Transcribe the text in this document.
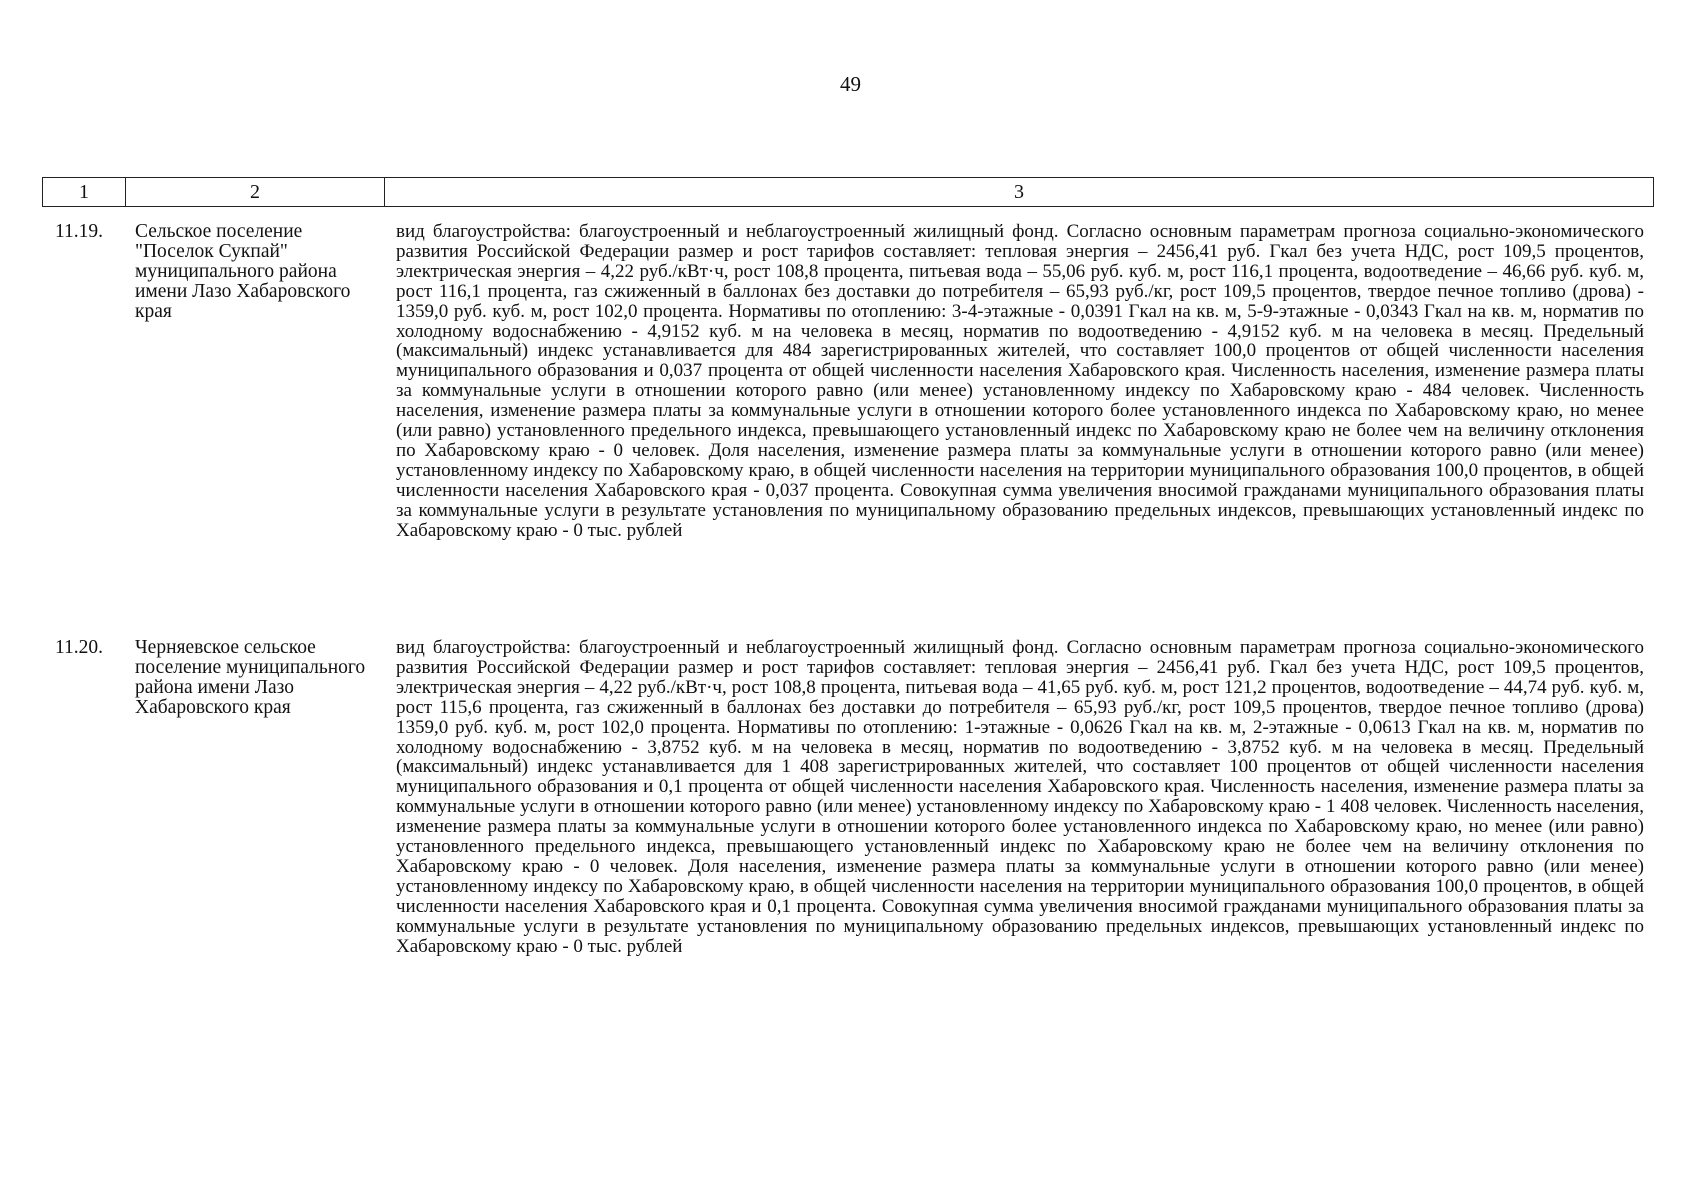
49
1	2	3
11.19. Сельское поселение "Поселок Сукпай" муниципального района имени Лазо Хабаровского края
вид благоустройства: благоустроенный и неблагоустроенный жилищный фонд. Согласно основным параметрам прогноза социально-экономического развития Российской Федерации размер и рост тарифов составляет: тепловая энергия – 2456,41 руб. Гкал без учета НДС, рост 109,5 процентов, электрическая энергия – 4,22 руб./кВт·ч, рост 108,8 процента, питьевая вода – 55,06 руб. куб. м, рост 116,1 процента, водоотведение – 46,66 руб. куб. м, рост 116,1 процента, газ сжиженный в баллонах без доставки до потребителя – 65,93 руб./кг, рост 109,5 процентов, твердое печное топливо (дрова) - 1359,0 руб. куб. м, рост 102,0 процента. Нормативы по отоплению: 3-4-этажные - 0,0391 Гкал на кв. м, 5-9-этажные - 0,0343 Гкал на кв. м, норматив по холодному водоснабжению - 4,9152 куб. м на человека в месяц, норматив по водоотведению - 4,9152 куб. м на человека в месяц. Предельный (максимальный) индекс устанавливается для 484 зарегистрированных жителей, что составляет 100,0 процентов от общей численности населения муниципального образования и 0,037 процента от общей численности населения Хабаровского края. Численность населения, изменение размера платы за коммунальные услуги в отношении которого равно (или менее) установленному индексу по Хабаровскому краю - 484 человек. Численность населения, изменение размера платы за коммунальные услуги в отношении которого более установленного индекса по Хабаровскому краю, но менее (или равно) установленного предельного индекса, превышающего установленный индекс по Хабаровскому краю не более чем на величину отклонения по Хабаровскому краю - 0 человек. Доля населения, изменение размера платы за коммунальные услуги в отношении которого равно (или менее) установленному индексу по Хабаровскому краю, в общей численности населения на территории муниципального образования 100,0 процентов, в общей численности населения Хабаровского края - 0,037 процента. Совокупная сумма увеличения вносимой гражданами муниципального образования платы за коммунальные услуги в результате установления по муниципальному образованию предельных индексов, превышающих установленный индекс по Хабаровскому краю - 0 тыс. рублей
11.20. Черняевское сельское поселение муниципального района имени Лазо Хабаровского края
вид благоустройства: благоустроенный и неблагоустроенный жилищный фонд. Согласно основным параметрам прогноза социально-экономического развития Российской Федерации размер и рост тарифов составляет: тепловая энергия – 2456,41 руб. Гкал без учета НДС, рост 109,5 процентов, электрическая энергия – 4,22 руб./кВт·ч, рост 108,8 процента, питьевая вода – 41,65 руб. куб. м, рост 121,2 процентов, водоотведение – 44,74 руб. куб. м, рост 115,6 процента, газ сжиженный в баллонах без доставки до потребителя – 65,93 руб./кг, рост 109,5 процентов, твердое печное топливо (дрова) 1359,0 руб. куб. м, рост 102,0 процента. Нормативы по отоплению: 1-этажные - 0,0626 Гкал на кв. м, 2-этажные - 0,0613 Гкал на кв. м, норматив по холодному водоснабжению - 3,8752 куб. м на человека в месяц, норматив по водоотведению - 3,8752 куб. м на человека в месяц. Предельный (максимальный) индекс устанавливается для 1 408 зарегистрированных жителей, что составляет 100 процентов от общей численности населения муниципального образования и 0,1 процента от общей численности населения Хабаровского края. Численность населения, изменение размера платы за коммунальные услуги в отношении которого равно (или менее) установленному индексу по Хабаровскому краю - 1 408 человек. Численность населения, изменение размера платы за коммунальные услуги в отношении которого более установленного индекса по Хабаровскому краю, но менее (или равно) установленного предельного индекса, превышающего установленный индекс по Хабаровскому краю не более чем на величину отклонения по Хабаровскому краю - 0 человек. Доля населения, изменение размера платы за коммунальные услуги в отношении которого равно (или менее) установленному индексу по Хабаровскому краю, в общей численности населения на территории муниципального образования 100,0 процентов, в общей численности населения Хабаровского края и 0,1 процента. Совокупная сумма увеличения вносимой гражданами муниципального образования платы за коммунальные услуги в результате установления по муниципальному образованию предельных индексов, превышающих установленный индекс по Хабаровскому краю - 0 тыс. рублей
